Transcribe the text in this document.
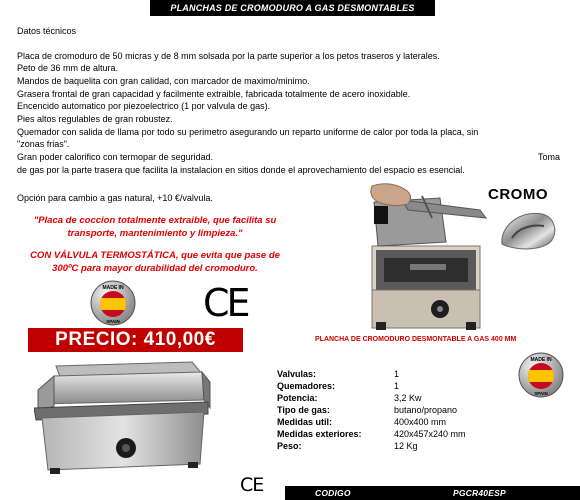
PLANCHAS DE CROMODURO A GAS DESMONTABLES
Datos técnicos
Placa de cromoduro de 50 micras y de 8 mm solsada por la parte superior a los petos traseros y laterales.
Peto de 36 mm de altura.
Mandos de baquelita con gran calidad, con marcador de maximo/minimo.
Grasera frontal de gran capacidad y facilmente extraible, fabricada totalmente de acero inoxidable.
Encencido automatico por piezoelectrico (1 por valvula de gas).
Pies altos regulables de gran robustez.
Quemador con salida de llama por todo su perimetro asegurando un reparto uniforme de calor por toda la placa, sin
"zonas frias".
Gran poder calorifico con termopar de seguridad.	Toma
de gas por la parte trasera que facilita la instalacion en sitios donde el aprovechamiento del espacio es esencial.
Opción para cambio a gas natural, +10 €/valvula.
"Placa de coccion totalmente extraible, que facilita su
transporte, mantenimiento y limpieza."
CON VÁLVULA TERMOSTÁTICA, que evita que pase de
300ºC para mayor durabilidad del cromoduro.
MADE IN
SPAIN CE
PRECIO: 410,00€
CROMO
PLANCHA DE CROMODURO DESMONTABLE A GAS 400 MM
Valvulas:	1
Quemadores:	1
Potencia:	3,2 Kw
Tipo de gas:	butano/propano
Medidas util:	400x400 mm
Medidas exteriores:	420x457x240 mm
Peso:	12 Kg
MADE IN
SPAIN
CE	CODIGO	PGCR40ESP
